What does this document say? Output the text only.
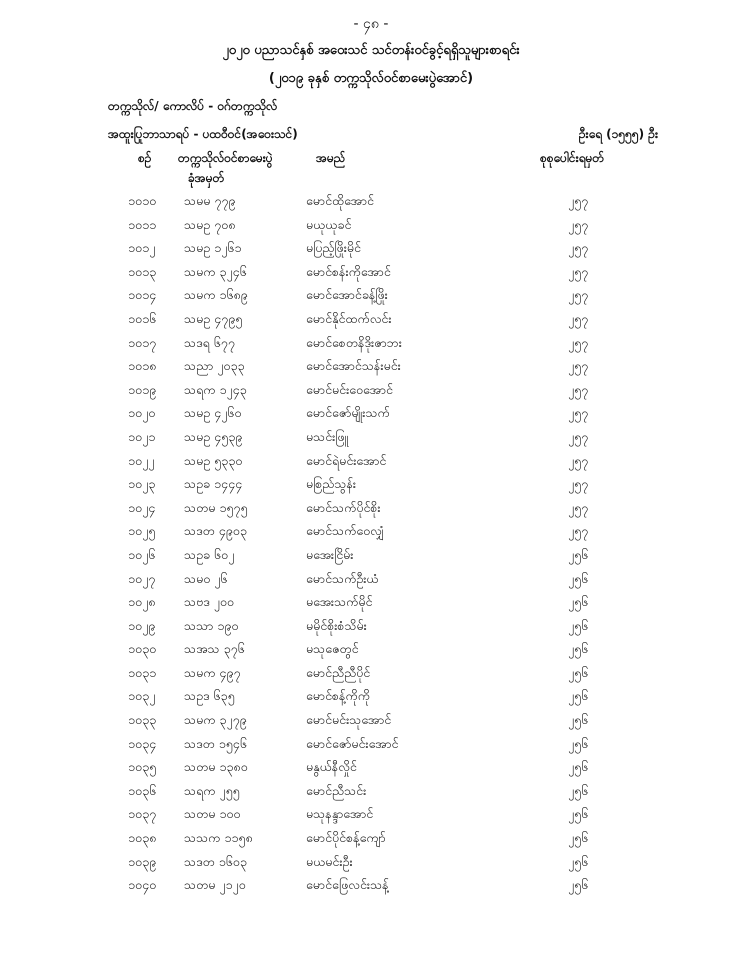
- ၄၈ -
၂၀၂၀ ပညာသင်နှစ် အဝေးသင် သင်တန်းဝင်ခွင့်ရရှိသူများစာရင်း
(၂၀၁၉ ခုနှစ် တက္ကသိုလ်ဝင်စာမေးပွဲအောင်)
တက္ကသိုလ်/ ကောလိပ် - ဝဂ်တက္ကသိုလ်
အထူးပြုဘာသာရပ် - ပထဝီဝင်(အဝေးသင်)	ဦးရေ (၁၅၅၅) ဦး
စဉ် တက္ကသိုလ်ဝင်စာမေးပွဲ
ခုံအမှတ်
အမည်	စုစုပေါင်းရမှတ်
၁၀၁၀ သမမ ၇၇၉	မောင်ထိုအောင်	၂၅၇
၁၀၁၁ သမဥ ၇၀၈	မယုယုခင်	၂၅၇
၁၀၁၂ သမဥ ၁၂၆၁	မပြည့်ဖြိုးမိုင်	၂၅၇
၁၀၁၃ သမက ၃၂၄၆	မောင်စန်းကိုအောင်	၂၅၇
၁၀၁၄ သမက ၁၆၈၉	မောင်အောင်ခန့်ဖြိုး	၂၅၇
၁၀၁၆ သမဥ ၄၇၉၅	မောင်နိုင်ထက်လင်း	၂၅၇
၁၀၁၇ သဒရ ၆၇၇	မောင်စေတနိဒိုးဇာဘး	၂၅၇
၁၀၁၈ သညာ ၂၀၃၃	မောင်အောင်သန်းမင်း	၂၅၇
၁၀၁၉ သရက ၁၂၄၃	မောင်မင်းဝေအောင်	၂၅၇
၁၀၂၀ သမဥ ၄၂၆၀	မောင်ဇော်မျိုးသက်	၂၅၇
၁၀၂၁ သမဥ ၄၅၃၉	မသင်းဖြူ	၂၅၇
၁၀၂၂ သမဥ ၅၃၃၀	မောင်ရဲမင်းအောင်	၂၅၇
၁၀၂၃ သဥခ ၁၄၄၄	မစြည်သွန်း	၂၅၇
၁၀၂၄ သတမ ၁၅၇၅	မောင်သက်ပိုင်စိုး	၂၅၇
၁၀၂၅ သဒတ ၄၉၀၃	မောင်သက်ဝေလျှံ	၂၅၇
၁၀၂၆ သဥခ ၆၀၂	မအေးငြိမ်း	၂၅၆
၁၀၂၇ သမဝ ၂၆	မောင်သက်ဦးယံ	၂၅၆
၁၀၂၈ သဗဒ ၂၀၀	မအေးသက်မိုင်	၂၅၆
၁၀၂၉ သသာ ၁၉၀	မမိုင်စိုးစံသိမ်း	၂၅၆
၁၀၃၀ သအသ ၃၇၆	မသုဇေတွင်	၂၅၆
၁၀၃၁ သမက ၄၉၇	မောင်ညီညီပိုင်	၂၅၆
၁၀၃၂ သဥဒ ၆၃၅	မောင်စန့်ကိုကို	၂၅၆
၁၀၃၃ သမက ၃၂၇၉	မောင်မင်းသုအောင်	၂၅၆
၁၀၃၄ သဒတ ၁၅၄၆	မောင်ဇော်မင်းအောင်	၂၅၆
၁၀၃၅ သတမ ၁၃၈၀	မနွယ်နီလှိုင်	၂၅၆
၁၀၃၆ သရက ၂၅၅	မောင်ညီသင်း	၂၅၆
၁၀၃၇ သတမ ၁၀၀	မသုနန္ဒာအောင်	၂၅၆
၁၀၃၈ သသက ၁၁၅၈	မောင်ပိုင်စန့်ကျော်	၂၅၆
၁၀၃၉ သဒတ ၁၆၀၃	မယမင်းဦး	၂၅၆
၁၀၄၀ သတမ ၂၁၂၀	မောင်ဖြေလင်းသန့်	၂၅၆
